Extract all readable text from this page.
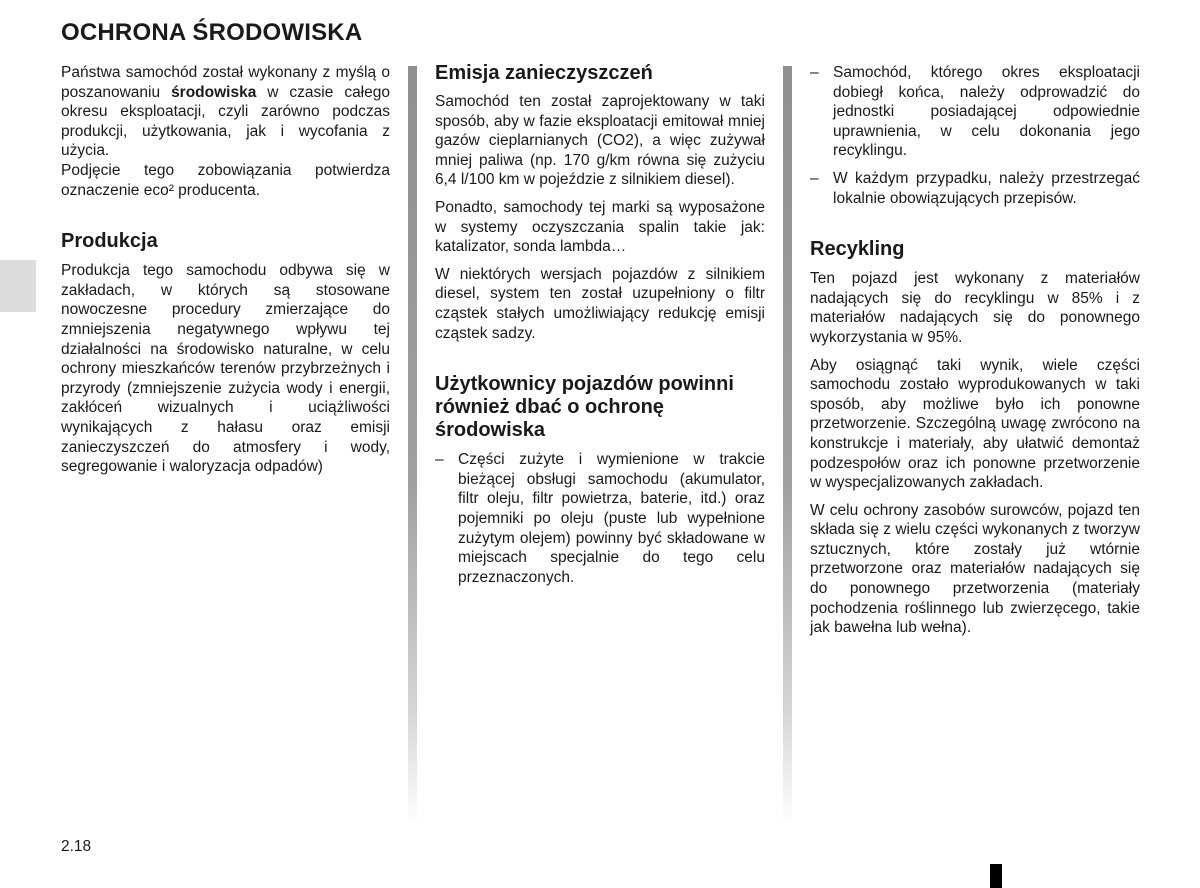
OCHRONA ŚRODOWISKA

Państwa samochód został wykonany z myślą o poszanowaniu środowiska w czasie całego okresu eksploatacji, czyli zarówno podczas produkcji, użytkowania, jak i wycofania z użycia.

Podjęcie tego zobowiązania potwierdza oznaczenie eco² producenta.

Produkcja

Produkcja tego samochodu odbywa się w zakładach, w których są stosowane nowoczesne procedury zmierzające do zmniejszenia negatywnego wpływu tej działalności na środowisko naturalne, w celu ochrony mieszkańców terenów przybrzeżnych i przyrody (zmniejszenie zużycia wody i energii, zakłóceń wizualnych i uciążliwości wynikających z hałasu oraz emisji zanieczyszczeń do atmosfery i wody, segregowanie i waloryzacja odpadów)

Emisja zanieczyszczeń

Samochód ten został zaprojektowany w taki sposób, aby w fazie eksploatacji emitował mniej gazów cieplarnianych (CO2), a więc zużywał mniej paliwa (np. 170 g/km równa się zużyciu 6,4 l/100 km w pojeździe z silnikiem diesel).

Ponadto, samochody tej marki są wyposażone w systemy oczyszczania spalin takie jak: katalizator, sonda lambda…

W niektórych wersjach pojazdów z silnikiem diesel, system ten został uzupełniony o filtr cząstek stałych umożliwiający redukcję emisji cząstek sadzy.

Użytkownicy pojazdów powinni również dbać o ochronę środowiska
– Części zużyte i wymienione w trakcie bieżącej obsługi samochodu (akumulator, filtr oleju, filtr powietrza, baterie, itd.) oraz pojemniki po oleju (puste lub wypełnione zużytym olejem) powinny być składowane w miejscach specjalnie do tego celu przeznaczonych.
– Samochód, którego okres eksploatacji dobiegł końca, należy odprowadzić do jednostki posiadającej odpowiednie uprawnienia, w celu dokonania jego recyklingu.
– W każdym przypadku, należy przestrzegać lokalnie obowiązujących przepisów.
Recykling

Ten pojazd jest wykonany z materiałów nadających się do recyklingu w 85% i z materiałów nadających się do ponownego wykorzystania w 95%.

Aby osiągnąć taki wynik, wiele części samochodu zostało wyprodukowanych w taki sposób, aby możliwe było ich ponowne przetworzenie. Szczególną uwagę zwrócono na konstrukcje i materiały, aby ułatwić demontaż podzespołów oraz ich ponowne przetworzenie w wyspecjalizowanych zakładach.

W celu ochrony zasobów surowców, pojazd ten składa się z wielu części wykonanych z tworzyw sztucznych, które zostały już wtórnie przetworzone oraz materiałów nadających się do ponownego przetworzenia (materiały pochodzenia roślinnego lub zwierzęcego, takie jak bawełna lub wełna).

2.18
